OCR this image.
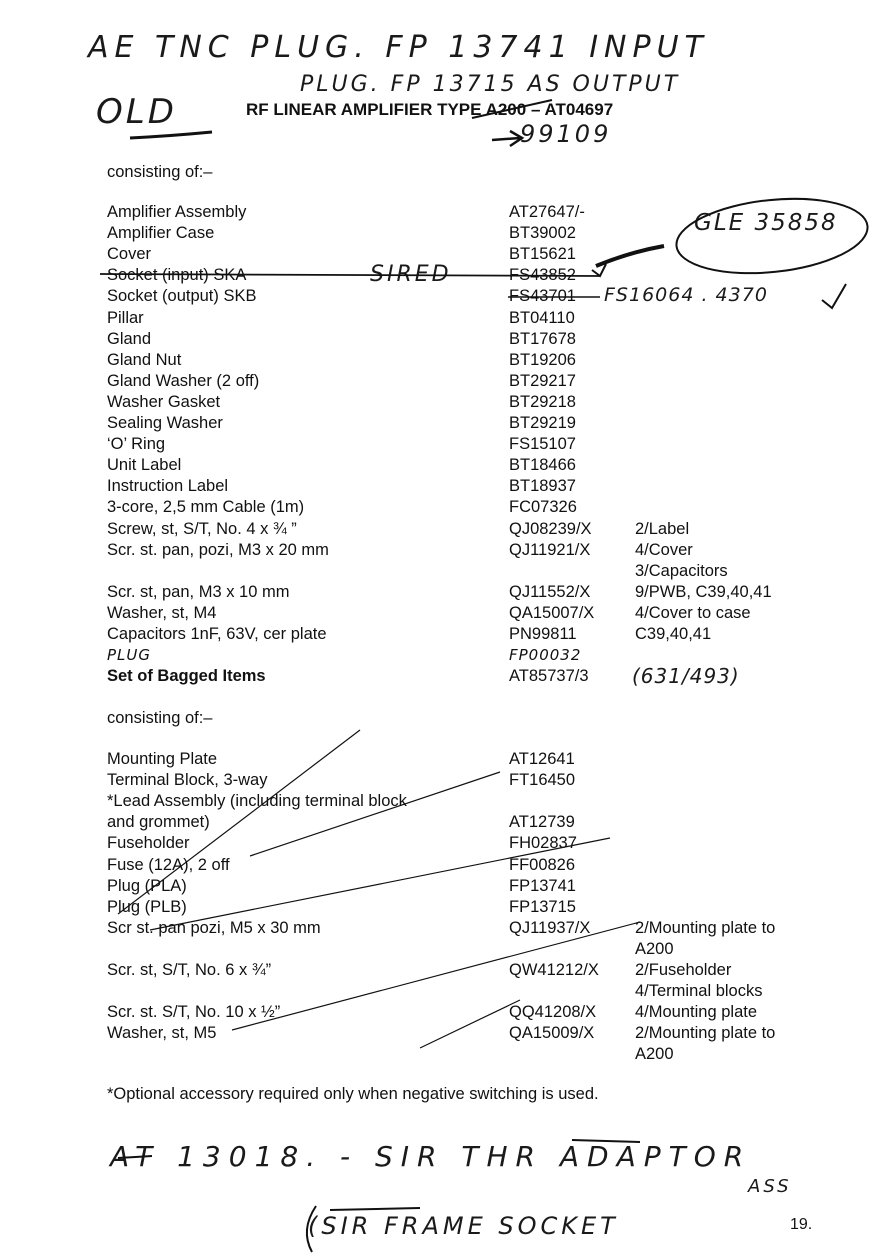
AE TNC PLUG. FP 13741 INPUT
PLUG. FP 13715 AS OUTPUT
OLD
99109
GLE 35858
SIRED
FS16064 . 4370
(631/493)
AT 13018. - SIR THR ADAPTOR
ASS
(SIR FRAME SOCKET
RF LINEAR AMPLIFIER TYPE A200 – AT04697
consisting of:–
Amplifier Assembly	AT27647/-
Amplifier Case	BT39002
Cover	BT15621
Socket (input) SKA	FS43852
Socket (output) SKB	FS43701
Pillar	BT04110
Gland	BT17678
Gland Nut	BT19206
Gland Washer (2 off)	BT29217
Washer Gasket	BT29218
Sealing Washer	BT29219
‘O’ Ring	FS15107
Unit Label	BT18466
Instruction Label	BT18937
3-core, 2,5 mm Cable (1m)	FC07326
Screw, st, S/T, No. 4 x ¾ ”	QJ08239/X	2/Label
Scr. st. pan, pozi, M3 x 20 mm	QJ11921/X	4/Cover
3/Capacitors
Scr. st, pan, M3 x 10 mm	QJ11552/X	9/PWB, C39,40,41
Washer, st, M4	QA15007/X 4/Cover to case
Capacitors 1nF, 63V, cer plate	PN99811	C39,40,41
PLUG	FP00032
Set of Bagged Items	AT85737/3
consisting of:–
Mounting Plate	AT12641
Terminal Block, 3-way	FT16450
*Lead Assembly (including terminal block
and grommet)	AT12739
Fuseholder	FH02837
Fuse (12A), 2 off	FF00826
Plug (PLA)	FP13741
Plug (PLB)	FP13715
Scr st. pan pozi, M5 x 30 mm	QJ11937/X	2/Mounting plate to
A200
Scr. st, S/T, No. 6 x ¾”	QW41212/X 2/Fuseholder
4/Terminal blocks
Scr. st. S/T, No. 10 x ½”	QQ41208/X 4/Mounting plate
Washer, st, M5	QA15009/X 2/Mounting plate to
A200
*Optional accessory required only when negative switching is used.
19.
